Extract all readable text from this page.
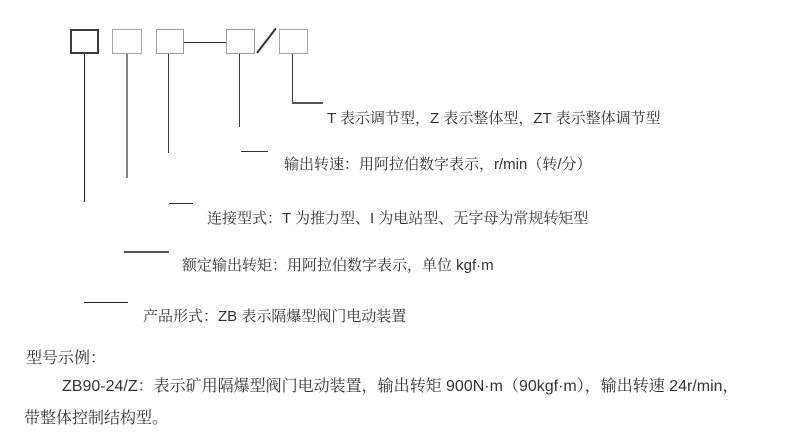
T 表示调节型，Z 表示整体型，ZT 表示整体调节型
输出转速：用阿拉伯数字表示，r/min（转/分）
连接型式：T 为推力型、I 为电站型、无字母为常规转矩型
额定输出转矩：用阿拉伯数字表示，单位 kgf·m
产品形式：ZB 表示隔爆型阀门电动装置
型号示例：
ZB90-24/Z：表示矿用隔爆型阀门电动装置，输出转矩 900N·m（90kgf·m），输出转速 24r/min，
带整体控制结构型。
